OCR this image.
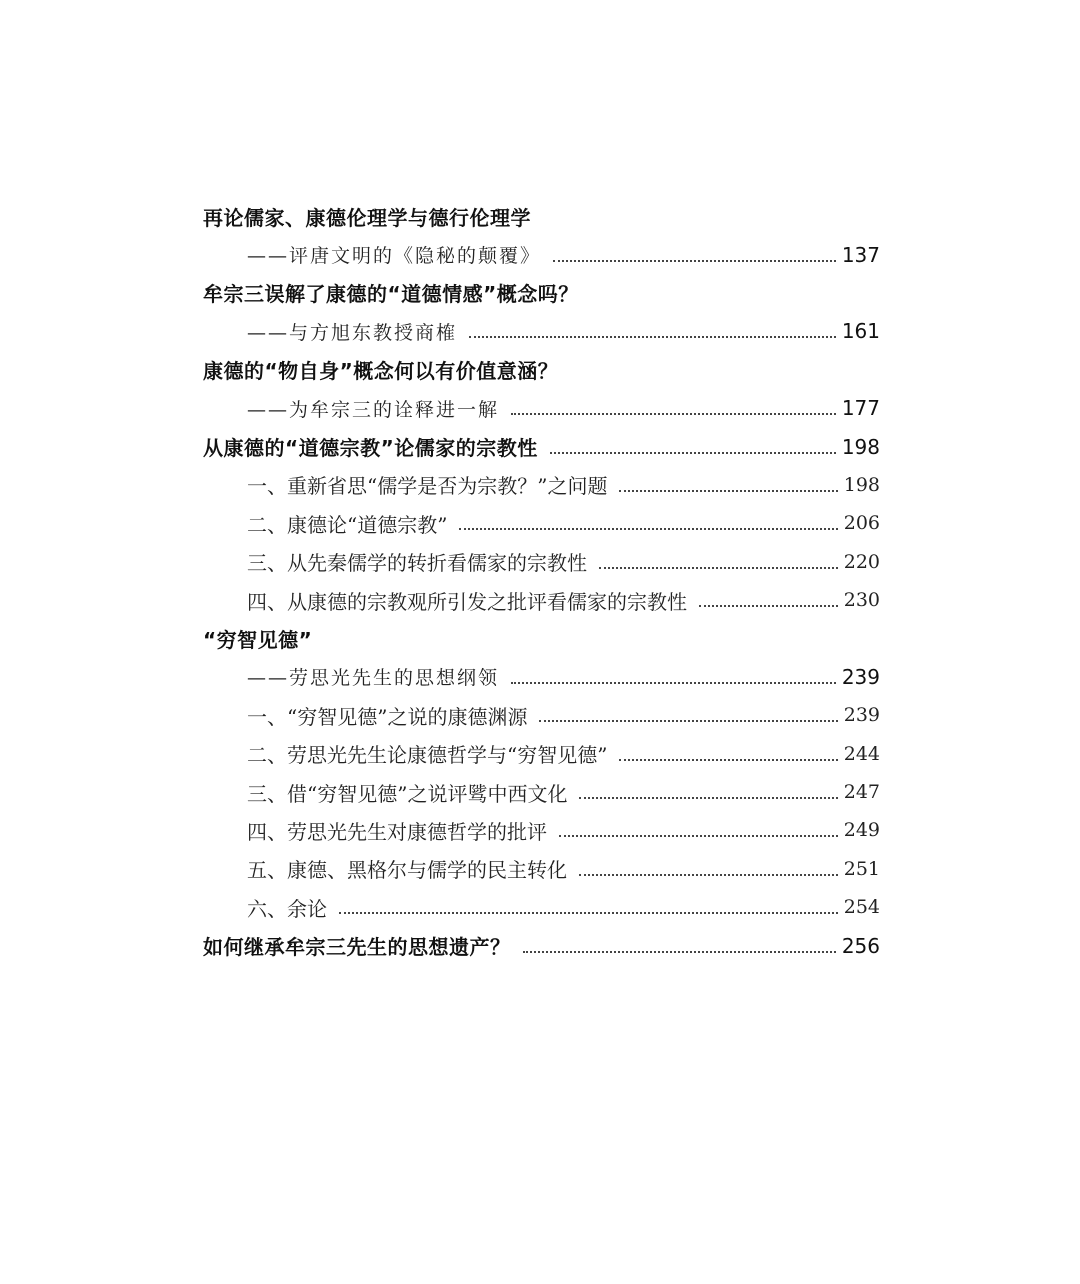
再论儒家、康德伦理学与德行伦理学
——评唐文明的《隐秘的颠覆》	137
牟宗三误解了康德的“道德情感”概念吗？
——与方旭东教授商榷	161
康德的“物自身”概念何以有价值意涵？
——为牟宗三的诠释进一解	177
从康德的“道德宗教”论儒家的宗教性	198
一、重新省思“儒学是否为宗教？”之问题	198
二、康德论“道德宗教”	206
三、从先秦儒学的转折看儒家的宗教性	220
四、从康德的宗教观所引发之批评看儒家的宗教性	230
“穷智见德”
——劳思光先生的思想纲领	239
一、“穷智见德”之说的康德渊源	239
二、劳思光先生论康德哲学与“穷智见德”	244
三、借“穷智见德”之说评骘中西文化	247
四、劳思光先生对康德哲学的批评	249
五、康德、黑格尔与儒学的民主转化	251
六、余论	254
如何继承牟宗三先生的思想遗产？	256
